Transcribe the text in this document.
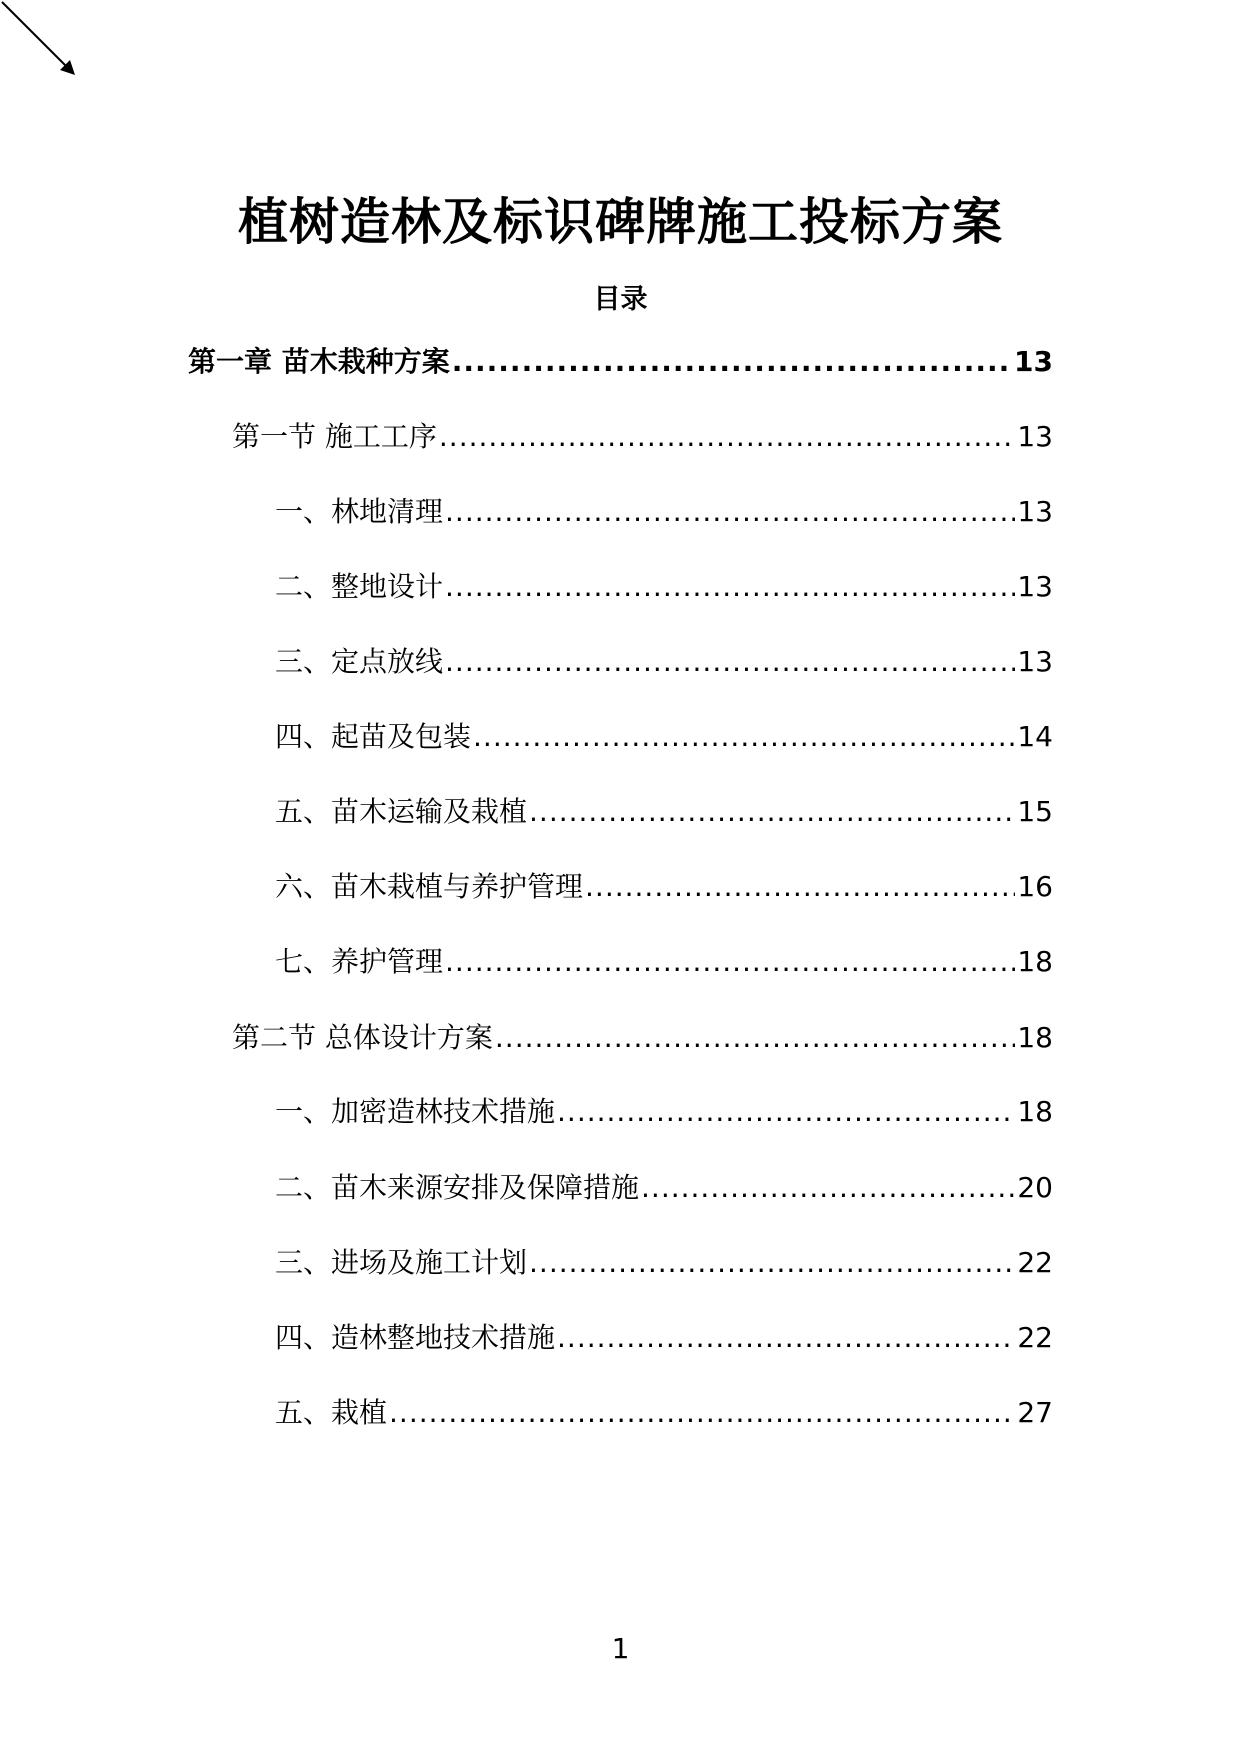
植树造林及标识碑牌施工投标方案
目录
第一章 苗木栽种方案 .....	13
第一节 施工工序 .....	13
一、林地清理 .....	13
二、整地设计 .....	13
三、定点放线 .....	13
四、起苗及包装 .....	14
五、苗木运输及栽植 .....	15
六、苗木栽植与养护管理 .....	16
七、养护管理 .....	18
第二节 总体设计方案 .....	18
一、加密造林技术措施 .....	18
二、苗木来源安排及保障措施 .....	20
三、进场及施工计划 .....	22
四、造林整地技术措施 .....	22
五、栽植 .....	27
1
